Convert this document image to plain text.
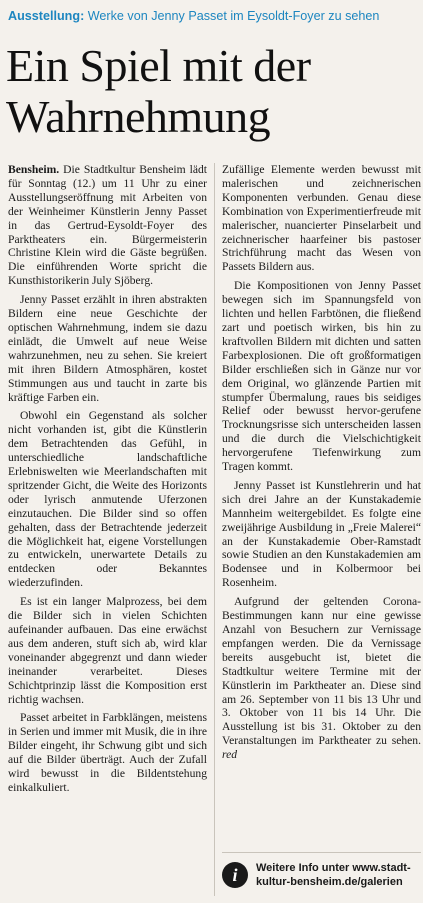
Ausstellung: Werke von Jenny Passet im Eysoldt-Foyer zu sehen
Ein Spiel mit der
Wahrnehmung

Bensheim. Die Stadtkultur Bensheim lädt für Sonntag (12.) um 11 Uhr zu einer Ausstellungseröffnung mit Arbeiten von der Weinheimer Künstlerin Jenny Passet in das Gertrud-Eysoldt-Foyer des Parktheaters ein. Bürgermeisterin Christine Klein wird die Gäste begrüßen. Die einführenden Worte spricht die Kunsthistorikerin July Sjöberg.

Jenny Passet erzählt in ihren abstrakten Bildern eine neue Geschichte der optischen Wahrnehmung, indem sie dazu einlädt, die Umwelt auf neue Weise wahrzunehmen, neu zu sehen. Sie kreiert mit ihren Bildern Atmosphären, kostet Stimmungen aus und taucht in zarte bis kräftige Farben ein.

Obwohl ein Gegenstand als solcher nicht vorhanden ist, gibt die Künstlerin dem Betrachtenden das Gefühl, in unterschiedliche landschaftliche Erlebniswelten wie Meerlandschaften mit spritzender Gicht, die Weite des Horizonts oder lyrisch anmutende Uferzonen einzutauchen. Die Bilder sind so offen gehalten, dass der Betrachtende jederzeit die Möglichkeit hat, eigene Vorstellungen zu entwickeln, unerwartete Details zu entdecken oder Bekanntes wiederzufinden.

Es ist ein langer Malprozess, bei dem die Bilder sich in vielen Schichten aufeinander aufbauen. Das eine erwächst aus dem anderen, stuft sich ab, wird klar voneinander abgegrenzt und dann wieder ineinander verarbeitet. Dieses Schichtprinzip lässt die Komposition erst richtig wachsen.

Passet arbeitet in Farbklängen, meistens in Serien und immer mit Musik, die in ihre Bilder eingeht, ihr Schwung gibt und sich auf die Bilder überträgt. Auch der Zufall wird bewusst in die Bildentstehung einkalkuliert.

Zufällige Elemente werden bewusst mit malerischen und zeichnerischen Komponenten verbunden. Genau diese Kombination von Experimentierfreude mit malerischer, nuancierter Pinselarbeit und zeichnerischer haarfeiner bis pastoser Strichführung macht das Wesen von Passets Bildern aus.

Die Kompositionen von Jenny Passet bewegen sich im Spannungsfeld von lichten und hellen Farbtönen, die fließend zart und poetisch wirken, bis hin zu kraftvollen Bildern mit dichten und satten Farbexplosionen. Die oft großformatigen Bilder erschließen sich in Gänze nur vor dem Original, wo glänzende Partien mit stumpfer Übermalung, raues bis seidiges Relief oder bewusst hervor-gerufene Trocknungsrisse sich unterscheiden lassen und die durch die Vielschichtigkeit hervorgerufene Tiefenwirkung zum Tragen kommt.

Jenny Passet ist Kunstlehrerin und hat sich drei Jahre an der Kunstakademie Mannheim weitergebildet. Es folgte eine zweijährige Ausbildung in „Freie Malerei“ an der Kunstakademie Ober-Ramstadt sowie Studien an den Kunstakademien am Bodensee und in Kolbermoor bei Rosenheim.

Aufgrund der geltenden Corona-Bestimmungen kann nur eine gewisse Anzahl von Besuchern zur Vernissage empfangen werden. Die da Vernissage bereits ausgebucht ist, bietet die Stadtkultur weitere Termine mit der Künstlerin im Parktheater an. Diese sind am 26. September von 11 bis 13 Uhr und 3. Oktober von 11 bis 14 Uhr. Die Ausstellung ist bis 31. Oktober zu den Veranstaltungen im Parktheater zu sehen. red

i	Weitere Info unter www.stadt-
kultur-bensheim.de/galerien
